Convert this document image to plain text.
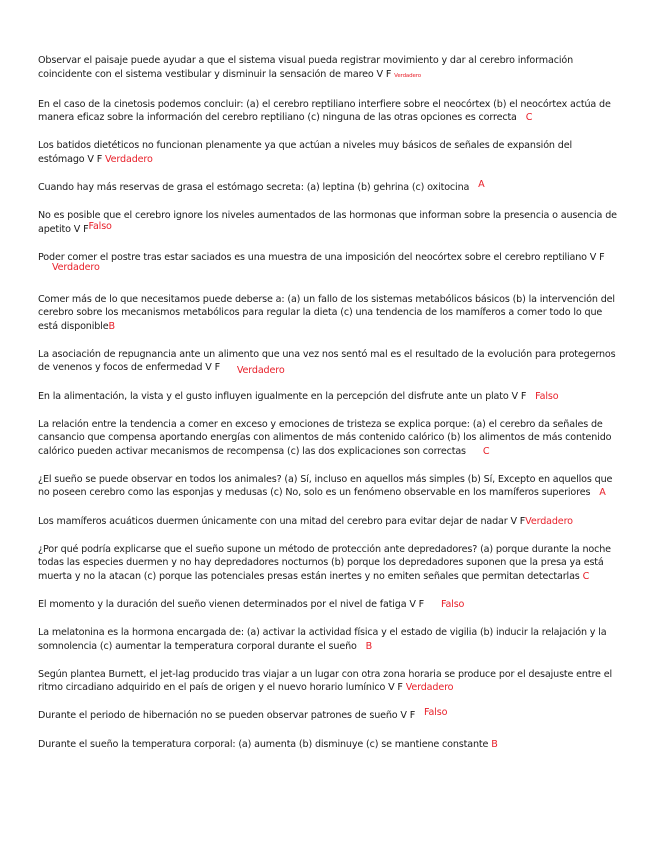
Observar el paisaje puede ayudar a que el sistema visual pueda registrar movimiento y dar al cerebro información coincidente con el sistema vestibular y disminuir la sensación de mareo V F Verdadero

En el caso de la cinetosis podemos concluir: (a) el cerebro reptiliano interfiere sobre el neocórtex (b) el neocórtex actúa de manera eficaz sobre la información del cerebro reptiliano (c) ninguna de las otras opciones es correcta C

Los batidos dietéticos no funcionan plenamente ya que actúan a niveles muy básicos de señales de expansión del estómago V F Verdadero

Cuando hay más reservas de grasa el estómago secreta: (a) leptina (b) gehrina (c) oxitocina A

No es posible que el cerebro ignore los niveles aumentados de las hormonas que informan sobre la presencia o ausencia de apetito V FFalso

Poder comer el postre tras estar saciados es una muestra de una imposición del neocórtex sobre el cerebro reptiliano V F Verdadero

Comer más de lo que necesitamos puede deberse a: (a) un fallo de los sistemas metabólicos básicos (b) la intervención del cerebro sobre los mecanismos metabólicos para regular la dieta (c) una tendencia de los mamíferos a comer todo lo que está disponibleB

La asociación de repugnancia ante un alimento que una vez nos sentó mal es el resultado de la evolución para protegernos de venenos y focos de enfermedad V F Verdadero

En la alimentación, la vista y el gusto influyen igualmente en la percepción del disfrute ante un plato V F Falso

La relación entre la tendencia a comer en exceso y emociones de tristeza se explica porque: (a) el cerebro da señales de cansancio que compensa aportando energías con alimentos de más contenido calórico (b) los alimentos de más contenido calórico pueden activar mecanismos de recompensa (c) las dos explicaciones son correctas C

¿El sueño se puede observar en todos los animales? (a) Sí, incluso en aquellos más simples (b) Sí, Excepto en aquellos que no poseen cerebro como las esponjas y medusas (c) No, solo es un fenómeno observable en los mamíferos superiores A

Los mamíferos acuáticos duermen únicamente con una mitad del cerebro para evitar dejar de nadar V FVerdadero

¿Por qué podría explicarse que el sueño supone un método de protección ante depredadores? (a) porque durante la noche todas las especies duermen y no hay depredadores nocturnos (b) porque los depredadores suponen que la presa ya está muerta y no la atacan (c) porque las potenciales presas están inertes y no emiten señales que permitan detectarlas C

El momento y la duración del sueño vienen determinados por el nivel de fatiga V F Falso

La melatonina es la hormona encargada de: (a) activar la actividad física y el estado de vigilia (b) inducir la relajación y la somnolencia (c) aumentar la temperatura corporal durante el sueño B

Según plantea Burnett, el jet-lag producido tras viajar a un lugar con otra zona horaria se produce por el desajuste entre el ritmo circadiano adquirido en el país de origen y el nuevo horario lumínico V F Verdadero

Durante el periodo de hibernación no se pueden observar patrones de sueño V F Falso

Durante el sueño la temperatura corporal: (a) aumenta (b) disminuye (c) se mantiene constante B
